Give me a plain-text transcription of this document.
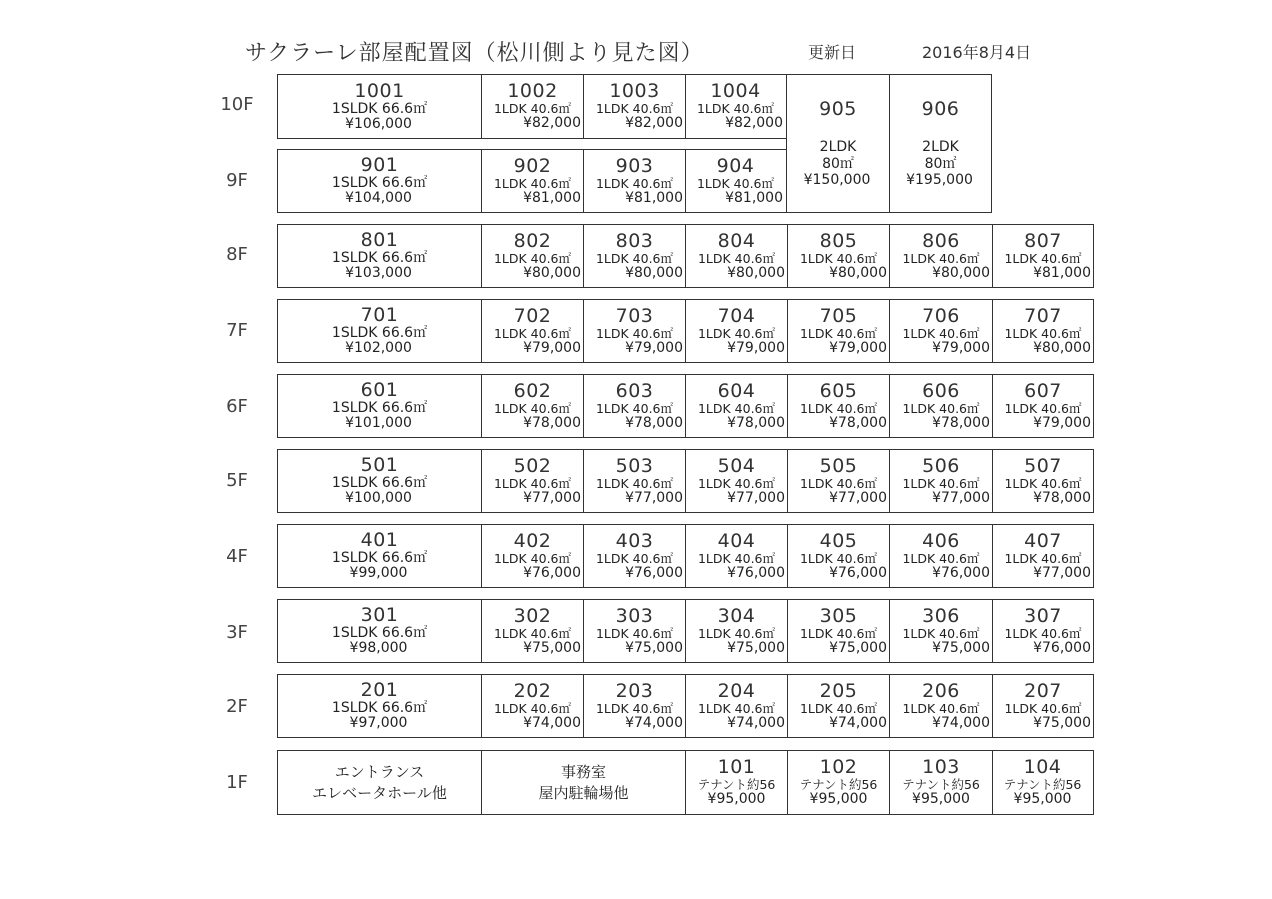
サクラーレ部屋配置図（松川側より見た図）	更新日	2016年8月4日
10F
9F
8F
7F
6F
5F
4F
3F
2F
1F
1001
1SLDK 66.6㎡
¥106,000
1002
1LDK 40.6㎡
¥82,000
1003
1LDK 40.6㎡
¥82,000
1004
1LDK 40.6㎡
¥82,000
905
2LDK
80㎡
¥150,000
906
2LDK
80㎡
¥195,000
901
1SLDK 66.6㎡
¥104,000
902
1LDK 40.6㎡
¥81,000
903
1LDK 40.6㎡
¥81,000
904
1LDK 40.6㎡
¥81,000
801
1SLDK 66.6㎡
¥103,000
802
1LDK 40.6㎡
¥80,000
803
1LDK 40.6㎡
¥80,000
804
1LDK 40.6㎡
¥80,000
805
1LDK 40.6㎡
¥80,000
806
1LDK 40.6㎡
¥80,000
807
1LDK 40.6㎡
¥81,000
701
1SLDK 66.6㎡
¥102,000
702
1LDK 40.6㎡
¥79,000
703
1LDK 40.6㎡
¥79,000
704
1LDK 40.6㎡
¥79,000
705
1LDK 40.6㎡
¥79,000
706
1LDK 40.6㎡
¥79,000
707
1LDK 40.6㎡
¥80,000
601
1SLDK 66.6㎡
¥101,000
602
1LDK 40.6㎡
¥78,000
603
1LDK 40.6㎡
¥78,000
604
1LDK 40.6㎡
¥78,000
605
1LDK 40.6㎡
¥78,000
606
1LDK 40.6㎡
¥78,000
607
1LDK 40.6㎡
¥79,000
501
1SLDK 66.6㎡
¥100,000
502
1LDK 40.6㎡
¥77,000
503
1LDK 40.6㎡
¥77,000
504
1LDK 40.6㎡
¥77,000
505
1LDK 40.6㎡
¥77,000
506
1LDK 40.6㎡
¥77,000
507
1LDK 40.6㎡
¥78,000
401
1SLDK 66.6㎡
¥99,000
402
1LDK 40.6㎡
¥76,000
403
1LDK 40.6㎡
¥76,000
404
1LDK 40.6㎡
¥76,000
405
1LDK 40.6㎡
¥76,000
406
1LDK 40.6㎡
¥76,000
407
1LDK 40.6㎡
¥77,000
301
1SLDK 66.6㎡
¥98,000
302
1LDK 40.6㎡
¥75,000
303
1LDK 40.6㎡
¥75,000
304
1LDK 40.6㎡
¥75,000
305
1LDK 40.6㎡
¥75,000
306
1LDK 40.6㎡
¥75,000
307
1LDK 40.6㎡
¥76,000
201
1SLDK 66.6㎡
¥97,000
202
1LDK 40.6㎡
¥74,000
203
1LDK 40.6㎡
¥74,000
204
1LDK 40.6㎡
¥74,000
205
1LDK 40.6㎡
¥74,000
206
1LDK 40.6㎡
¥74,000
207
1LDK 40.6㎡
¥75,000
エントランス
エレベータホール他
事務室
屋内駐輪場他
101
テナント約56
¥95,000
102
テナント約56
¥95,000
103
テナント約56
¥95,000
104
テナント約56
¥95,000
